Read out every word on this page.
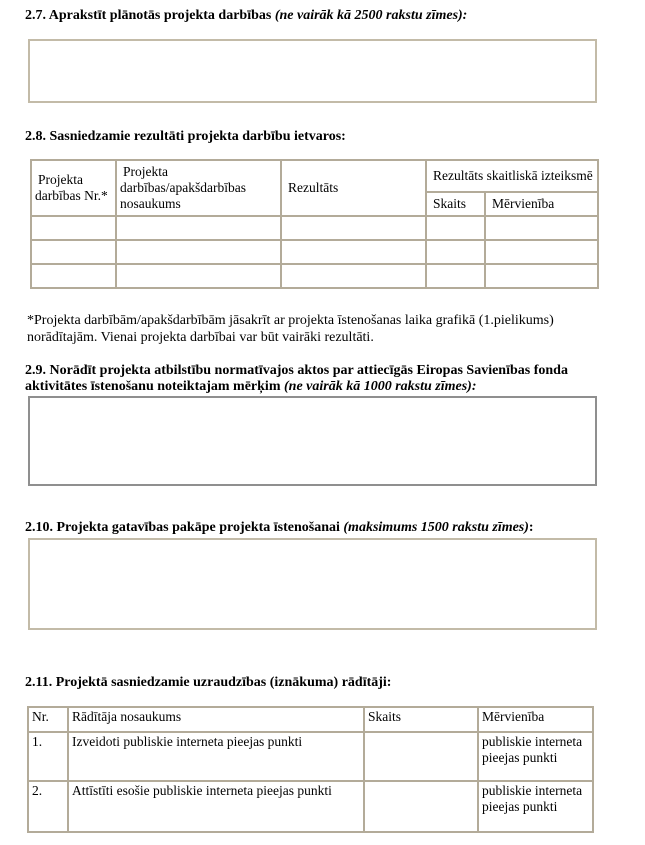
2.7. Aprakstīt plānotās projekta darbības (ne vairāk kā 2500 rakstu zīmes):
2.8. Sasniedzamie rezultāti projekta darbību ietvaros:
Projekta darbības Nr.*	Projekta darbības/apakšdarbības nosaukums	Rezultāts	Rezultāts skaitliskā izteiksmē	
			Skaits	Mērvienība

*Projekta darbībām/apakšdarbībām jāsakrīt ar projekta īstenošanas laika grafikā (1.pielikums) norādītajām. Vienai projekta darbībai var būt vairāki rezultāti.
2.9. Norādīt projekta atbilstību normatīvajos aktos par attiecīgās Eiropas Savienības fonda aktivitātes īstenošanu noteiktajam mērķim (ne vairāk kā 1000 rakstu zīmes):
2.10. Projekta gatavības pakāpe projekta īstenošanai (maksimums 1500 rakstu zīmes):
2.11. Projektā sasniedzamie uzraudzības (iznākuma) rādītāji:
Nr.	Rādītāja nosaukums	Skaits	Mērvienība
1.	Izveidoti publiskie interneta pieejas punkti		publiskie interneta pieejas punkti
2.	Attīstīti esošie publiskie interneta pieejas punkti		publiskie interneta pieejas punkti
